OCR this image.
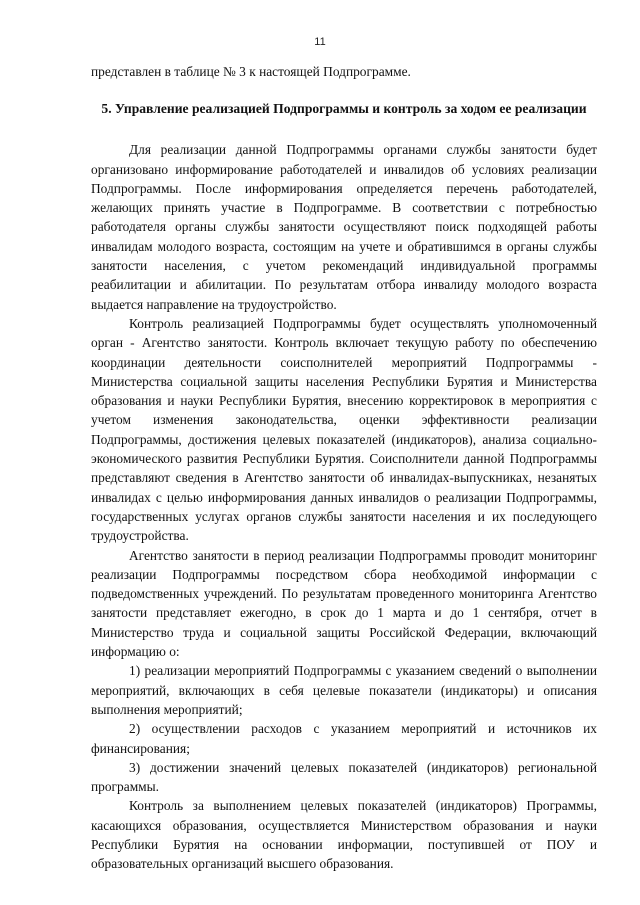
11

представлен в таблице № 3 к настоящей Подпрограмме.

5. Управление реализацией Подпрограммы и контроль за ходом ее реализации

Для реализации данной Подпрограммы органами службы занятости будет организовано информирование работодателей и инвалидов об условиях реализации Подпрограммы. После информирования определяется перечень работодателей, желающих принять участие в Подпрограмме. В соответствии с потребностью работодателя органы службы занятости осуществляют поиск подходящей работы инвалидам молодого возраста, состоящим на учете и обратившимся в органы службы занятости населения, с учетом рекомендаций индивидуальной программы реабилитации и абилитации. По результатам отбора инвалиду молодого возраста выдается направление на трудоустройство.

Контроль реализацией Подпрограммы будет осуществлять уполномоченный орган - Агентство занятости. Контроль включает текущую работу по обеспечению координации деятельности соисполнителей мероприятий Подпрограммы - Министерства социальной защиты населения Республики Бурятия и Министерства образования и науки Республики Бурятия, внесению корректировок в мероприятия с учетом изменения законодательства, оценки эффективности реализации Подпрограммы, достижения целевых показателей (индикаторов), анализа социально-экономического развития Республики Бурятия. Соисполнители данной Подпрограммы представляют сведения в Агентство занятости об инвалидах-выпускниках, незанятых инвалидах с целью информирования данных инвалидов о реализации Подпрограммы, государственных услугах органов службы занятости населения и их последующего трудоустройства.

Агентство занятости в период реализации Подпрограммы проводит мониторинг реализации Подпрограммы посредством сбора необходимой информации с подведомственных учреждений. По результатам проведенного мониторинга Агентство занятости представляет ежегодно, в срок до 1 марта и до 1 сентября, отчет в Министерство труда и социальной защиты Российской Федерации, включающий информацию о:

1) реализации мероприятий Подпрограммы с указанием сведений о выполнении мероприятий, включающих в себя целевые показатели (индикаторы) и описания выполнения мероприятий;

2) осуществлении расходов с указанием мероприятий и источников их финансирования;

3) достижении значений целевых показателей (индикаторов) региональной программы.

Контроль за выполнением целевых показателей (индикаторов) Программы, касающихся образования, осуществляется Министерством образования и науки Республики Бурятия на основании информации, поступившей от ПОУ и образовательных организаций высшего образования.
